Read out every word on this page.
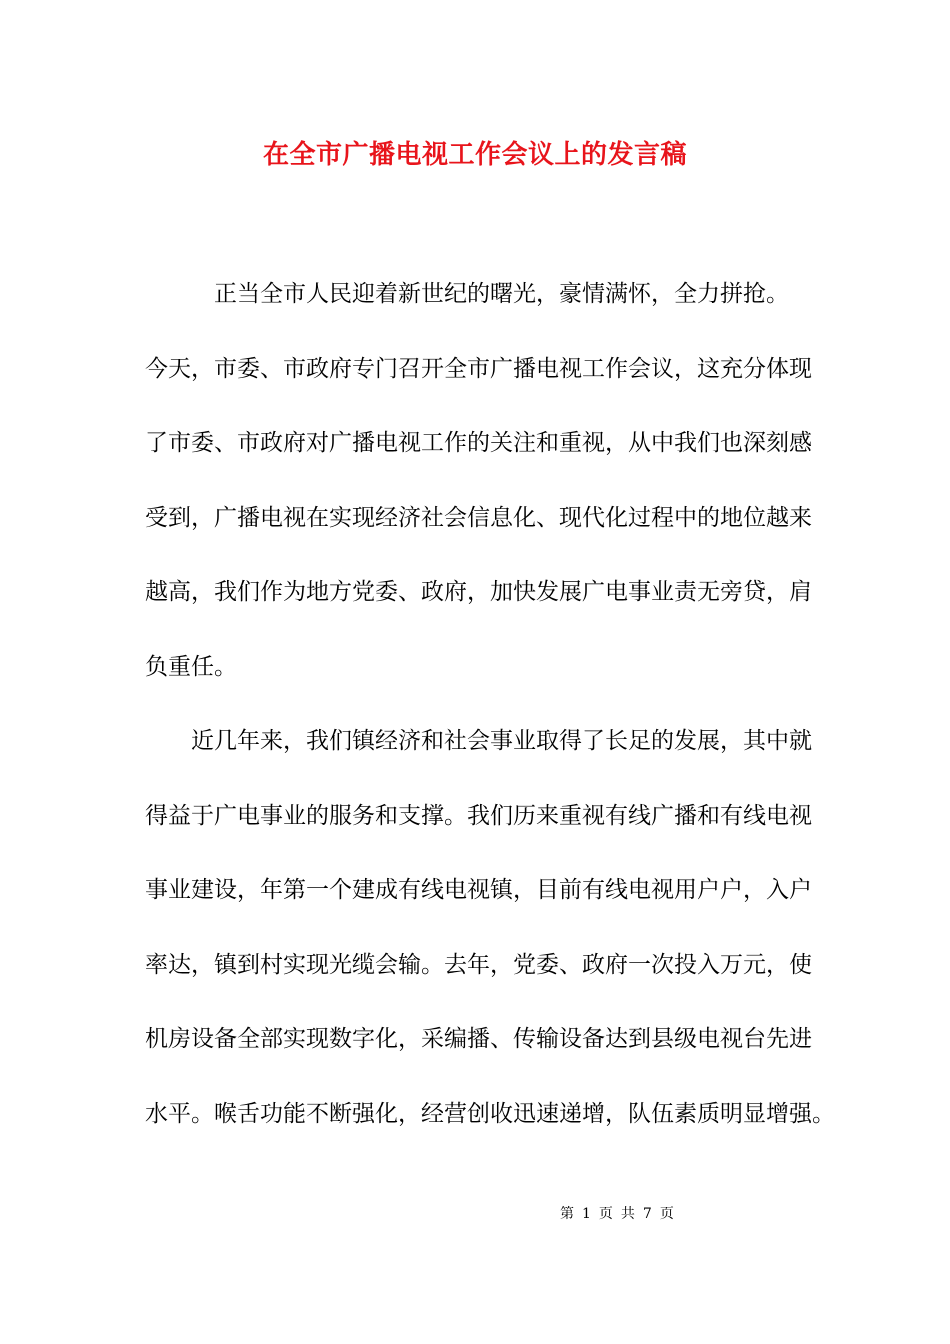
在全市广播电视工作会议上的发言稿
　　　正当全市人民迎着新世纪的曙光，豪情满怀，全力拼抢。
今天，市委、市政府专门召开全市广播电视工作会议，这充分体现
了市委、市政府对广播电视工作的关注和重视，从中我们也深刻感
受到，广播电视在实现经济社会信息化、现代化过程中的地位越来
越高，我们作为地方党委、政府，加快发展广电事业责无旁贷，肩
负重任。
　　近几年来，我们镇经济和社会事业取得了长足的发展，其中就
得益于广电事业的服务和支撑。我们历来重视有线广播和有线电视
事业建设，年第一个建成有线电视镇，目前有线电视用户户，入户
率达，镇到村实现光缆会输。去年，党委、政府一次投入万元，使
机房设备全部实现数字化，采编播、传输设备达到县级电视台先进
水平。喉舌功能不断强化，经营创收迅速递增，队伍素质明显增强。
第 1 页 共 7 页
